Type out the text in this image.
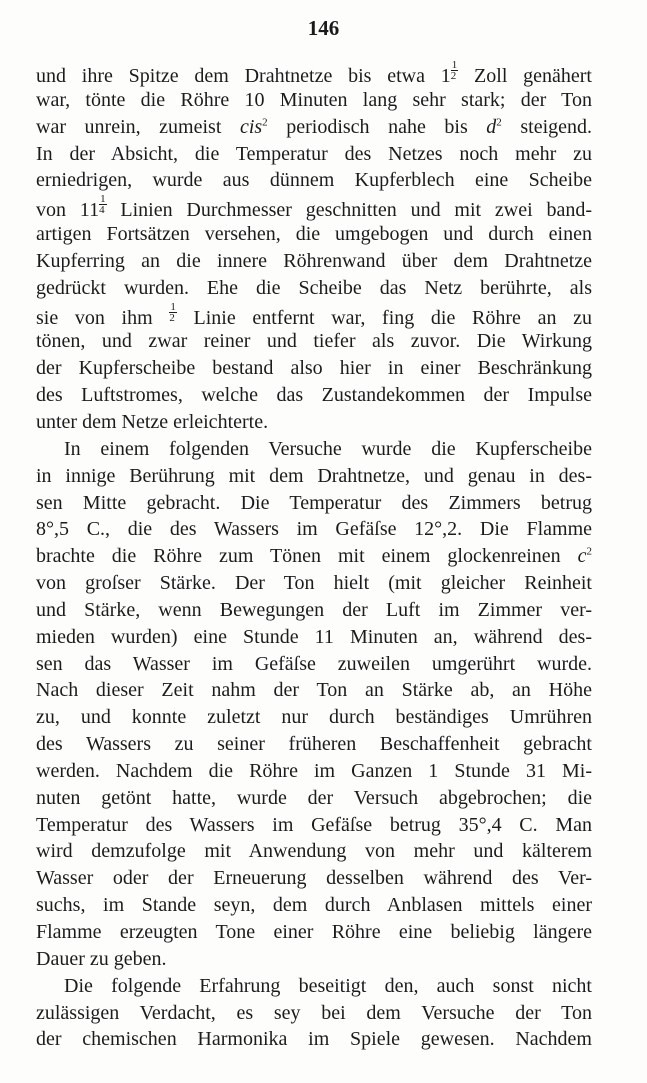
146
und ihre Spitze dem Drahtnetze bis etwa $1 \frac{1}{2}$ Zoll genähert
war, tönte die Röhre 10 Minuten lang sehr stark; der Ton
war unrein, zumeist cis$^2$ periodisch nahe bis $d^2$ steigend.
In der Absicht, die Temperatur des Netzes noch mehr zu
erniedrigen, wurde aus dünnem Kupferblech eine Scheibe
von $11 \frac{1}{4}$ Linien Durchmesser geschnitten und mit zwei band-
artigen Fortsätzen versehen, die umgebogen und durch einen
Kupferring an die innere Röhrenwand über dem Drahtnetze
gedrückt wurden. Ehe die Scheibe das Netz berührte, als
sie von ihm $\frac{1}{2}$ Linie entfernt war, fing die Röhre an zu
tönen, und zwar reiner und tiefer als zuvor. Die Wirkung
der Kupferscheibe bestand also hier in einer Beschränkung
des Luftstromes, welche das Zustandekommen der Impulse
unter dem Netze erleichterte.
In einem folgenden Versuche wurde die Kupferscheibe
in innige Berührung mit dem Drahtnetze, und genau in des-
sen Mitte gebracht. Die Temperatur des Zimmers betrug
8°,5 C., die des Wassers im Gefäſse 12°,2. Die Flamme
brachte die Röhre zum Tönen mit einem glockenreinen $c^2$
von groſser Stärke. Der Ton hielt (mit gleicher Reinheit
und Stärke, wenn Bewegungen der Luft im Zimmer ver-
mieden wurden) eine Stunde 11 Minuten an, während des-
sen das Wasser im Gefäſse zuweilen umgerührt wurde.
Nach dieser Zeit nahm der Ton an Stärke ab, an Höhe
zu, und konnte zuletzt nur durch beständiges Umrühren
des Wassers zu seiner früheren Beschaffenheit gebracht
werden. Nachdem die Röhre im Ganzen 1 Stunde 31 Mi-
nuten getönt hatte, wurde der Versuch abgebrochen; die
Temperatur des Wassers im Gefäſse betrug 35°,4 C. Man
wird demzufolge mit Anwendung von mehr und kälterem
Wasser oder der Erneuerung desselben während des Ver-
suchs, im Stande seyn, dem durch Anblasen mittels einer
Flamme erzeugten Tone einer Röhre eine beliebig längere
Dauer zu geben.
Die folgende Erfahrung beseitigt den, auch sonst nicht
zulässigen Verdacht, es sey bei dem Versuche der Ton
der chemischen Harmonika im Spiele gewesen. Nachdem
